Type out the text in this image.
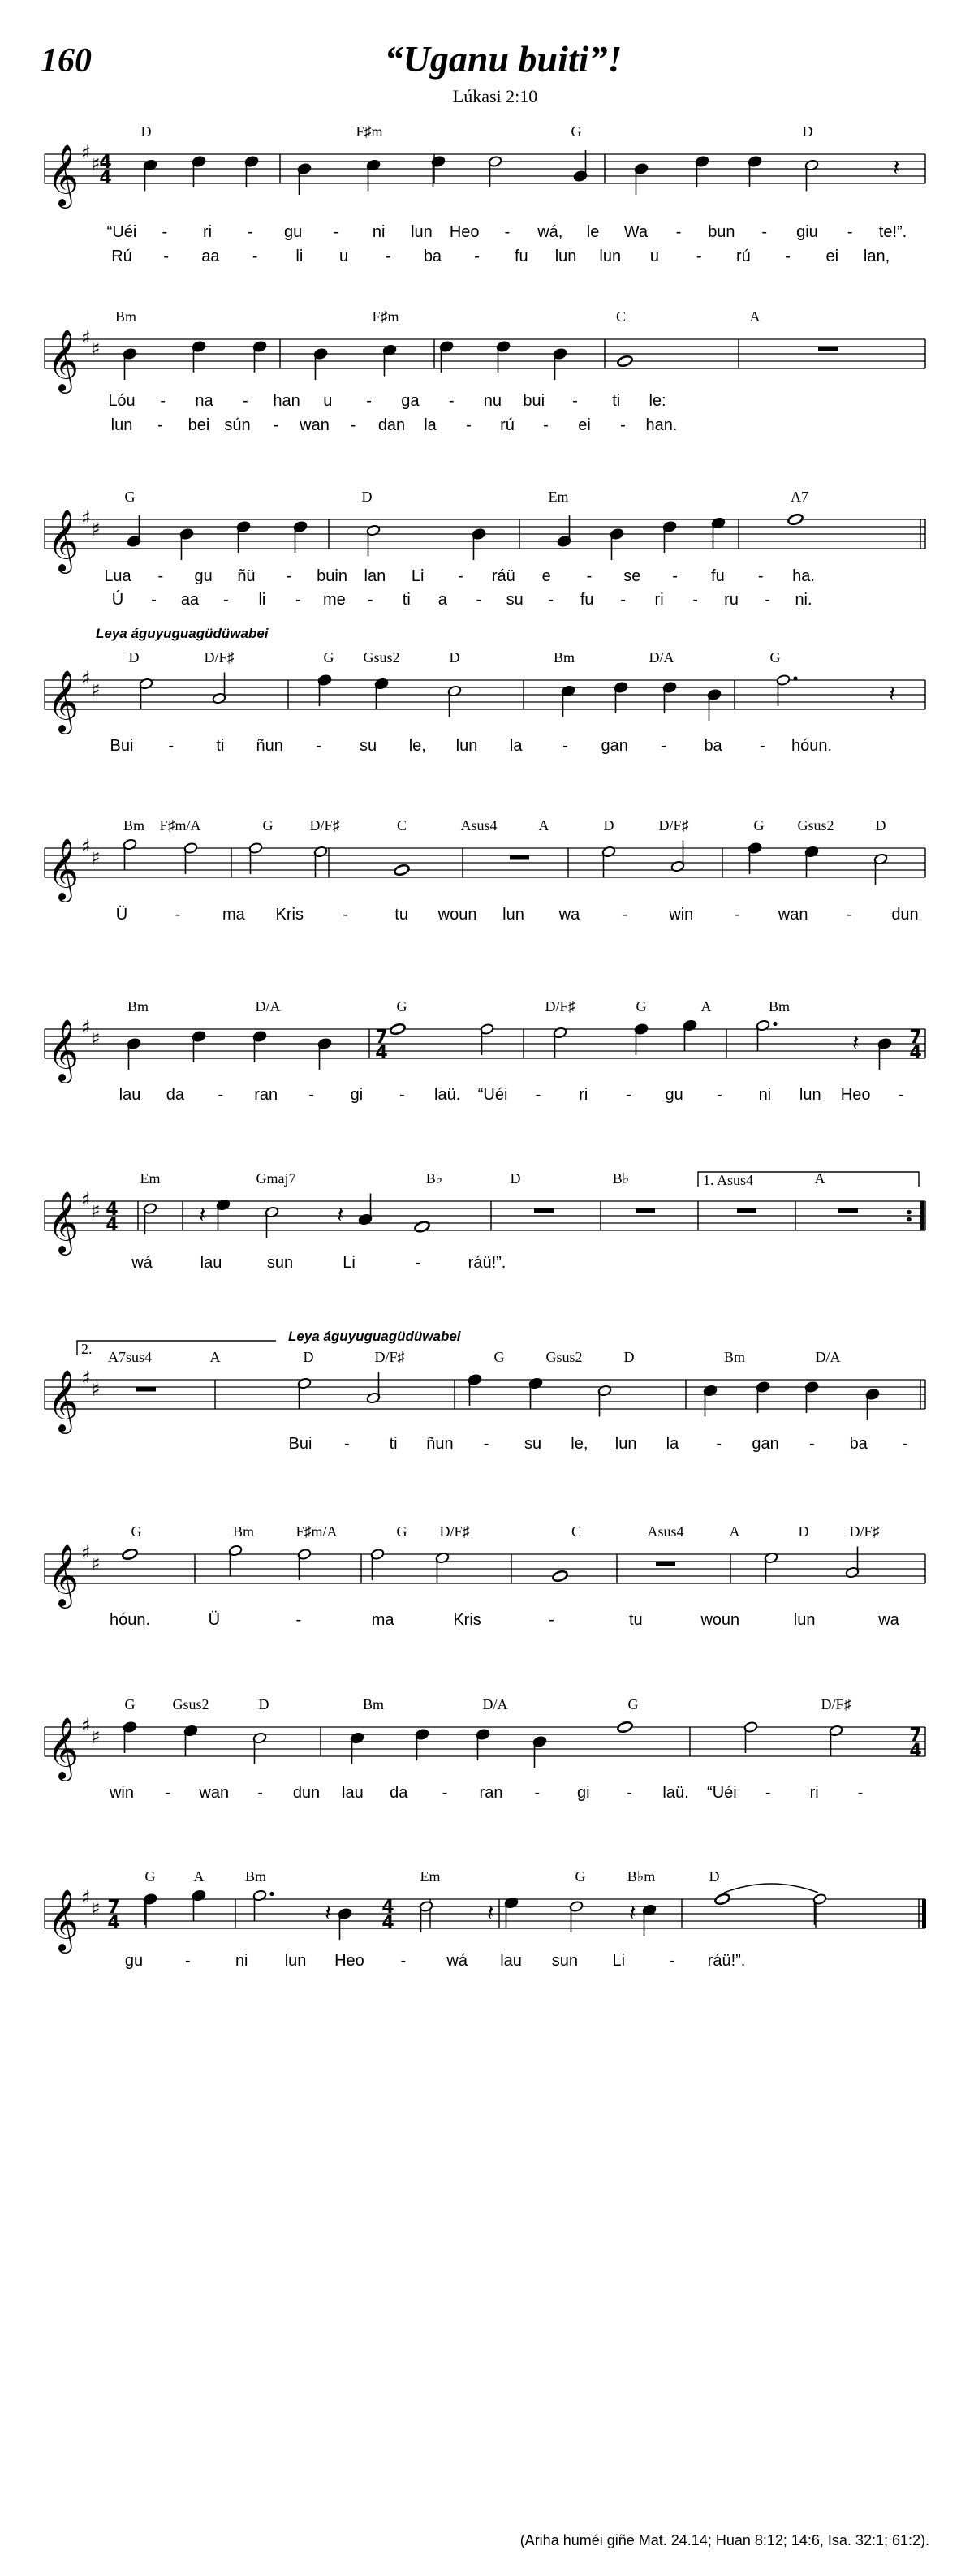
160	“Uganu buiti”!
Lúkasi 2:10
𝄞 ♯ ♯
4
4	𝄽
D	F♯m	G	D
“Uéi - ri - gu - ni lun Heo - wá, le Wa - bun - giu - te!”.
Rú - aa - li u - ba - fu lun lun u - rú - ei lan,
𝄞 ♯ ♯
Bm	F♯m	C	A
Lóu - na - han u - ga - nu bui - ti le:
lun - bei sún - wan - dan la - rú - ei - han.
𝄞 ♯ ♯
G	D	Em	A7
Lua - gu ñü - buin lan Li - ráü e - se - fu - ha.
Ú - aa - li - me - ti a - su - fu - ri - ru - ni.
𝄞 ♯ ♯	𝄽
D	D/F♯	G Gsus2	D	Bm	D/A	G
Bui -	ti ñun - su le, lun la - gan - ba - hóun.
𝄞 ♯ ♯
Bm F♯m/A	G D/F♯	C	Asus4	A	D	D/F♯	G Gsus2	D
Ü	-	ma Kris -	tu woun lun wa	-	win	- wan - dun
𝄞 ♯ ♯	𝄽
Bm	D/A	G	D/F♯	G	A	Bm
lau da - ran - gi - laü. “Uéi - ri - gu - ni lun Heo -
𝄞 ♯ ♯	𝄽	𝄽
Em	Gmaj7	B♭	D	B♭	A
wá	lau	sun	Li	-	ráü!”.
𝄞 ♯ ♯
A7sus4	A	D	D/F♯	G	Gsus2	D	Bm	D/A
Bui - ti ñun - su le, lun la - gan - ba -
𝄞 ♯ ♯
G	Bm	F♯m/A	G D/F♯	C	Asus4	A	D	D/F♯
hóun.	Ü	-	ma	Kris	-	tu	woun	lun	wa
𝄞 ♯ ♯
G	Gsus2	D	Bm	D/A	G	D/F♯
win - wan - dun lau da - ran - gi - laü. “Uéi - ri -
𝄞 ♯ ♯	𝄽	𝄽	𝄽
G	A	Bm	Em	G	B♭m	D
gu	-	ni lun Heo -	wá lau sun Li	- ráü!”.
Leya águyuguagüdüwabei
Leya águyuguagüdüwabei
1. Asus4
2.
7
4
7
4
4
4
7
4
7
4
4
4
(Ariha huméi giñe Mat. 24.14; Huan 8:12; 14:6, Isa. 32:1; 61:2).
